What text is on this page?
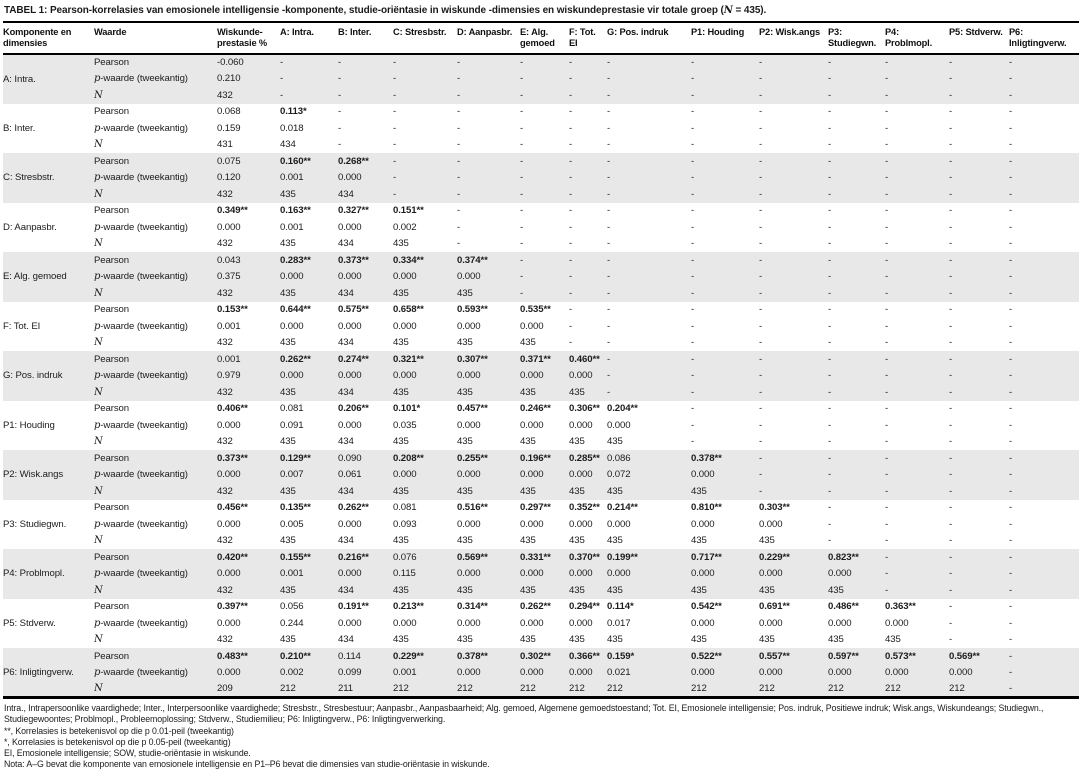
TABEL 1: Pearson-korrelasies van emosionele intelligensie -komponente, studie-oriëntasie in wiskunde -dimensies en wiskundeprestasie vir totale groep (N = 435).
Komponente en dimensies	Waarde	Wiskunde-prestasie %	A: Intra.	B: Inter.	C: Stresbstr.	D: Aanpasbr.	E: Alg. gemoed	F: Tot. EI	G: Pos. indruk	P1: Houding	P2: Wisk.angs	P3: Studiegwn.	P4: Problmopl.	P5: Stdverw.	P6: Inligtingverw.
A: Intra.	Pearson	-0.060	-	-	-	-	-	-	-	-	-	-	-	-	-
	p-waarde (tweekantig)	0.210	-	-	-	-	-	-	-	-	-	-	-	-	-
	N	432	-	-	-	-	-	-	-	-	-	-	-	-	-
B: Inter.	Pearson	0.068	0.113*	-	-	-	-	-	-	-	-	-	-	-	-
	p-waarde (tweekantig)	0.159	0.018	-	-	-	-	-	-	-	-	-	-	-	-
	N	431	434	-	-	-	-	-	-	-	-	-	-	-	-
C: Stresbstr.	Pearson	0.075	0.160**	0.268**	-	-	-	-	-	-	-	-	-	-	-
	p-waarde (tweekantig)	0.120	0.001	0.000	-	-	-	-	-	-	-	-	-	-	-
	N	432	435	434	-	-	-	-	-	-	-	-	-	-	-
D: Aanpasbr.	Pearson	0.349**	0.163**	0.327**	0.151**	-	-	-	-	-	-	-	-	-	-
	p-waarde (tweekantig)	0.000	0.001	0.000	0.002	-	-	-	-	-	-	-	-	-	-
	N	432	435	434	435	-	-	-	-	-	-	-	-	-	-
E: Alg. gemoed	Pearson	0.043	0.283**	0.373**	0.334**	0.374**	-	-	-	-	-	-	-	-	-
	p-waarde (tweekantig)	0.375	0.000	0.000	0.000	0.000	-	-	-	-	-	-	-	-	-
	N	432	435	434	435	435	-	-	-	-	-	-	-	-	-
F: Tot. EI	Pearson	0.153**	0.644**	0.575**	0.658**	0.593**	0.535**	-	-	-	-	-	-	-	-
	p-waarde (tweekantig)	0.001	0.000	0.000	0.000	0.000	0.000	-	-	-	-	-	-	-	-
	N	432	435	434	435	435	435	-	-	-	-	-	-	-	-
G: Pos. indruk	Pearson	0.001	0.262**	0.274**	0.321**	0.307**	0.371**	0.460**	-	-	-	-	-	-	-
	p-waarde (tweekantig)	0.979	0.000	0.000	0.000	0.000	0.000	0.000	-	-	-	-	-	-	-
	N	432	435	434	435	435	435	435	-	-	-	-	-	-	-
P1: Houding	Pearson	0.406**	0.081	0.206**	0.101*	0.457**	0.246**	0.306**	0.204**	-	-	-	-	-	-
	p-waarde (tweekantig)	0.000	0.091	0.000	0.035	0.000	0.000	0.000	0.000	-	-	-	-	-	-
	N	432	435	434	435	435	435	435	435	-	-	-	-	-	-
P2: Wisk.angs	Pearson	0.373**	0.129**	0.090	0.208**	0.255**	0.196**	0.285**	0.086	0.378**	-	-	-	-	-
	p-waarde (tweekantig)	0.000	0.007	0.061	0.000	0.000	0.000	0.000	0.072	0.000	-	-	-	-	-
	N	432	435	434	435	435	435	435	435	435	-	-	-	-	-
P3: Studiegwn.	Pearson	0.456**	0.135**	0.262**	0.081	0.516**	0.297**	0.352**	0.214**	0.810**	0.303**	-	-	-	-
	p-waarde (tweekantig)	0.000	0.005	0.000	0.093	0.000	0.000	0.000	0.000	0.000	0.000	-	-	-	-
	N	432	435	434	435	435	435	435	435	435	435	-	-	-	-
P4: Problmopl.	Pearson	0.420**	0.155**	0.216**	0.076	0.569**	0.331**	0.370**	0.199**	0.717**	0.229**	0.823**	-	-	-
	p-waarde (tweekantig)	0.000	0.001	0.000	0.115	0.000	0.000	0.000	0.000	0.000	0.000	0.000	-	-	-
	N	432	435	434	435	435	435	435	435	435	435	435	-	-	-
P5: Stdverw.	Pearson	0.397**	0.056	0.191**	0.213**	0.314**	0.262**	0.294**	0.114*	0.542**	0.691**	0.486**	0.363**	-	-
	p-waarde (tweekantig)	0.000	0.244	0.000	0.000	0.000	0.000	0.000	0.017	0.000	0.000	0.000	0.000	-	-
	N	432	435	434	435	435	435	435	435	435	435	435	435	-	-
P6: Inligtingverw.	Pearson	0.483**	0.210**	0.114	0.229**	0.378**	0.302**	0.366**	0.159*	0.522**	0.557**	0.597**	0.573**	0.569**	-
	p-waarde (tweekantig)	0.000	0.002	0.099	0.001	0.000	0.000	0.000	0.021	0.000	0.000	0.000	0.000	0.000	-
	N	209	212	211	212	212	212	212	212	212	212	212	212	212	-

Intra., Intrapersoonlike vaardighede; Inter., Interpersoonlike vaardighede; Stresbstr., Stresbestuur; Aanpasbr., Aanpasbaarheid; Alg. gemoed, Algemene gemoedstoestand; Tot. EI, Emosionele intelligensie; Pos. indruk, Positiewe indruk; Wisk.angs, Wiskundeangs; Studiegwn., Studiegewoontes; Problmopl., Probleemoplossing; Stdverw., Studiemilieu; P6: Inligtingverw., P6: Inligtingverwerking.

**, Korrelasies is betekenisvol op die p 0.01-peil (tweekantig)

*, Korrelasies is betekenisvol op die p 0.05-peil (tweekantig)

EI, Emosionele intelligensie; SOW, studie-oriëntasie in wiskunde.

Nota: A–G bevat die komponente van emosionele intelligensie en P1–P6 bevat die dimensies van studie-oriëntasie in wiskunde.
